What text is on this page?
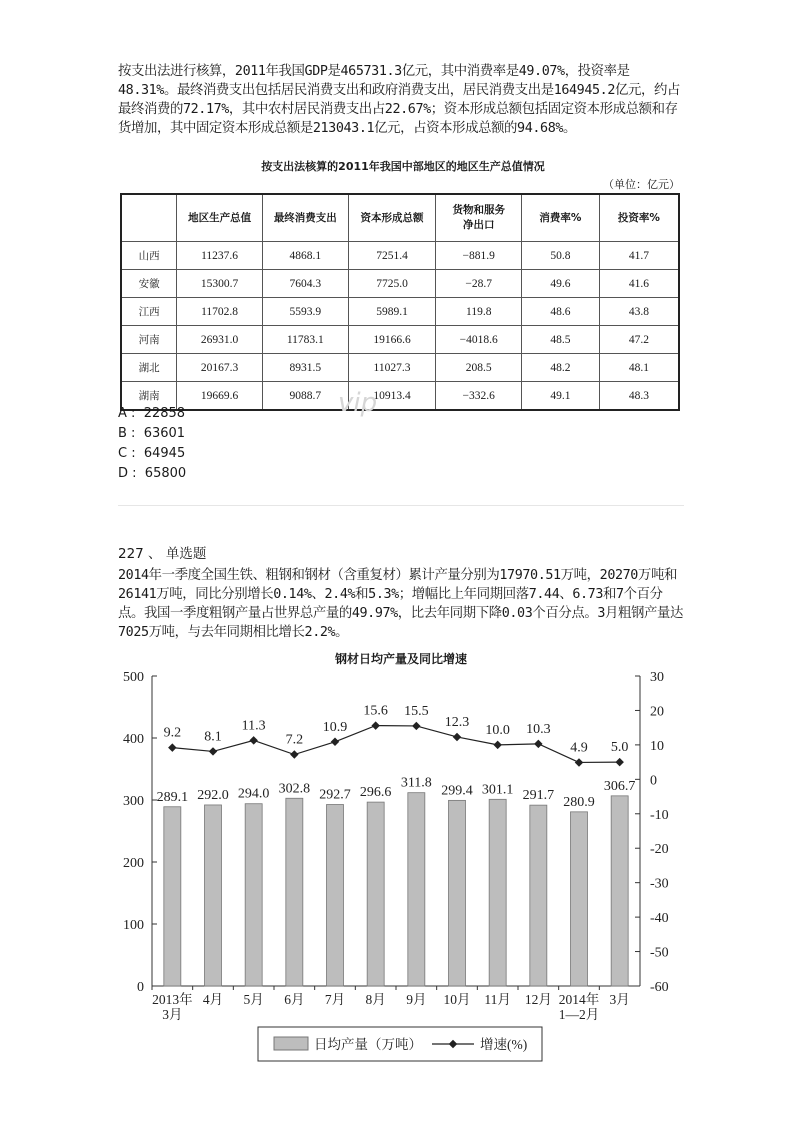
按支出法进行核算，2011年我国GDP是465731.3亿元，其中消费率是49.07%，投资率是48.31%。最终消费支出包括居民消费支出和政府消费支出，居民消费支出是164945.2亿元，约占最终消费的72.17%，其中农村居民消费支出占22.67%；资本形成总额包括固定资本形成总额和存货增加，其中固定资本形成总额是213043.1亿元，占资本形成总额的94.68%。
按支出法核算的2011年我国中部地区的地区生产总值情况
（单位：亿元）
	地区生产总值	最终消费支出	资本形成总额	货物和服务净出口	消费率%	投资率%
山西	11237.6	4868.1	7251.4	−881.9	50.8	41.7
安徽	15300.7	7604.3	7725.0	−28.7	49.6	41.6
江西	11702.8	5593.9	5989.1	119.8	48.6	43.8
河南	26931.0	11783.1	19166.6	−4018.6	48.5	47.2
湖北	20167.3	8931.5	11027.3	208.5	48.2	48.1
湖南	19669.6	9088.7	10913.4	−332.6	49.1	48.3
vip
A :  22858
B :  63601
C :  64945
D :  65800
227 、 单选题
2014年一季度全国生铁、粗钢和钢材（含重复材）累计产量分别为17970.51万吨，20270万吨和26141万吨，同比分别增长0.14%、2.4%和5.3%；增幅比上年同期回落7.44、6.73和7个百分点。我国一季度粗钢产量占世界总产量的49.97%，比去年同期下降0.03个百分点。3月粗钢产量达7025万吨，与去年同期相比增长2.2%。
钢材日均产量及同比增速
0
100
200
300
400
500
-60
-50
-40
-30
-20
-10
0
10
20
30
289.1 292.0 294.0 302.8 292.7 296.6
311.8
299.4 301.1 291.7 280.9
306.7
2013年
3月
4月 5月 6月 7月 8月 9月 10月 11月 12月 2014年
1—2月
3月
9.2 8.1
11.3
7.2
10.9
15.6 15.5
12.3
10.0 10.3
4.9 5.0
日均产量（万吨）	增速(%)
